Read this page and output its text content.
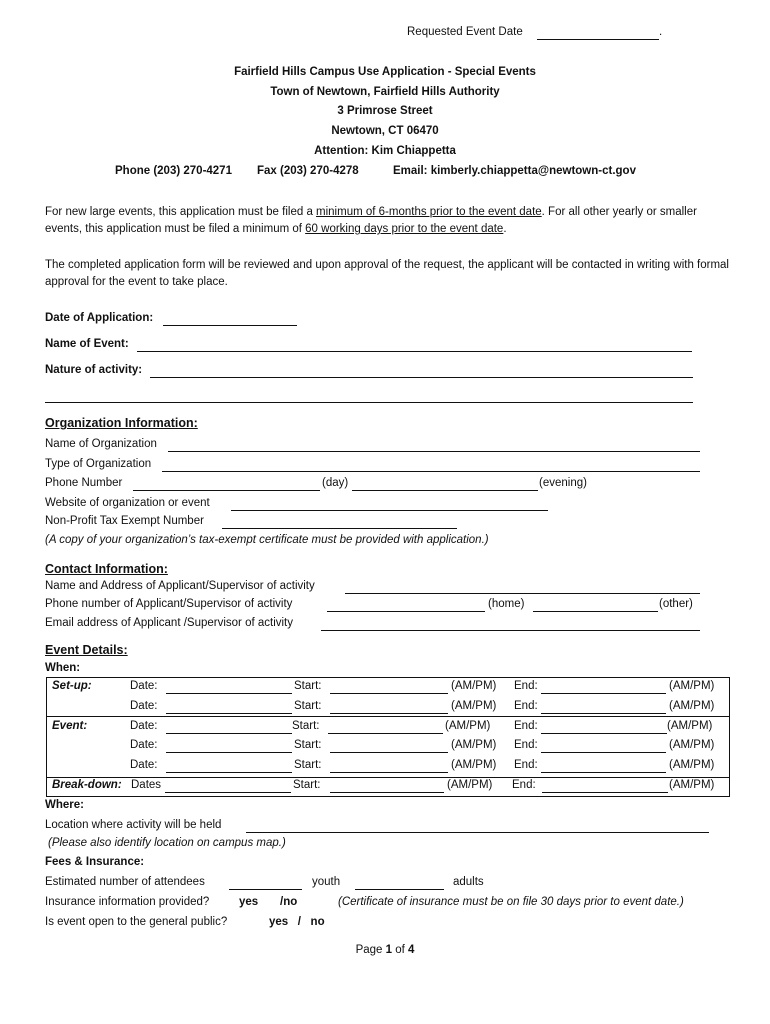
Requested Event Date	.
Fairfield Hills Campus Use Application - Special Events
Town of Newtown, Fairfield Hills Authority
3 Primrose Street
Newtown, CT 06470
Attention: Kim Chiappetta
Phone (203) 270-4271 Fax (203) 270-4278	Email: kimberly.chiappetta@newtown-ct.gov
For new large events, this application must be filed a minimum of 6-months prior to the event date. For all other yearly or smaller events, this application must be filed a minimum of 60 working days prior to the event date.
The completed application form will be reviewed and upon approval of the request, the applicant will be contacted in writing with formal approval for the event to take place.
Date of Application:
Name of Event:
Nature of activity:
Organization Information:
Name of Organization
Type of Organization
Phone Number	(day)	(evening)
Website of organization or event
Non-Profit Tax Exempt Number
(A copy of your organization’s tax-exempt certificate must be provided with application.)
Contact Information:
Name and Address of Applicant/Supervisor of activity
Phone number of Applicant/Supervisor of activity	(home)	(other)
Email address of Applicant /Supervisor of activity
Event Details:
When:
Set-up:	Date:	Start:	(AM/PM) End:	(AM/PM)
Date:	Start:	(AM/PM) End:	(AM/PM)
Event:	Date:	Start:	(AM/PM) End:	(AM/PM)
Date:	Start:	(AM/PM) End:	(AM/PM)
Date:	Start:	(AM/PM) End:	(AM/PM)
Break-down: Dates	Start:	(AM/PM) End:	(AM/PM)
Where:
Location where activity will be held
(Please also identify location on campus map.)
Fees & Insurance:
Estimated number of attendees	youth	adults
Insurance information provided?	yes /no	(Certificate of insurance must be on file 30 days prior to event date.)
Is event open to the general public?	yes   /   no
Page 1 of 4
